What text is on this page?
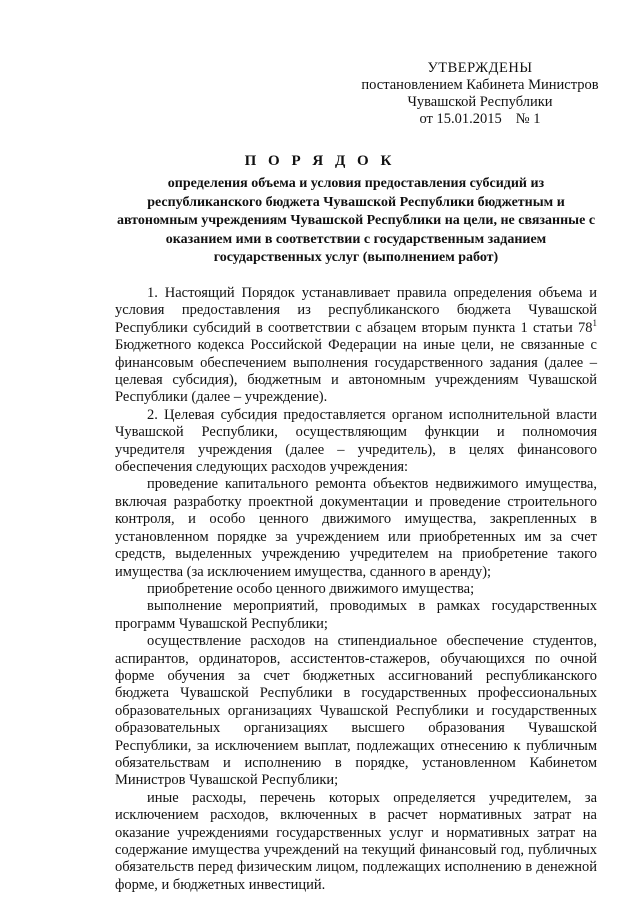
УТВЕРЖДЕНЫ
постановлением Кабинета Министров
Чувашской Республики
от 15.01.2015 № 1
П О Р Я Д О К
определения объема и условия предоставления субсидий из республиканского бюджета Чувашской Республики бюджетным и автономным учреждениям Чувашской Республики на цели, не связанные с оказанием ими в соответствии с государственным заданием государственных услуг (выполнением работ)

1. Настоящий Порядок устанавливает правила определения объема и условия предоставления из республиканского бюджета Чувашской Республики субсидий в соответствии с абзацем вторым пункта 1 статьи $78^1$ Бюджетного кодекса Российской Федерации на иные цели, не связанные с финансовым обеспечением выполнения государственного задания (далее – целевая субсидия), бюджетным и автономным учреждениям Чувашской Республики (далее – учреждение).

2. Целевая субсидия предоставляется органом исполнительной власти Чувашской Республики, осуществляющим функции и полномочия учредителя учреждения (далее – учредитель), в целях финансового обеспечения следующих расходов учреждения:

проведение капитального ремонта объектов недвижимого имущества, включая разработку проектной документации и проведение строительного контроля, и особо ценного движимого имущества, закрепленных в установленном порядке за учреждением или приобретенных им за счет средств, выделенных учреждению учредителем на приобретение такого имущества (за исключением имущества, сданного в аренду);

приобретение особо ценного движимого имущества;

выполнение мероприятий, проводимых в рамках государственных программ Чувашской Республики;

осуществление расходов на стипендиальное обеспечение студентов, аспирантов, ординаторов, ассистентов-стажеров, обучающихся по очной форме обучения за счет бюджетных ассигнований республиканского бюджета Чувашской Республики в государственных профессиональных образовательных организациях Чувашской Республики и государственных образовательных организациях высшего образования Чувашской Республики, за исключением выплат, подлежащих отнесению к публичным обязательствам и исполнению в порядке, установленном Кабинетом Министров Чувашской Республики;

иные расходы, перечень которых определяется учредителем, за исключением расходов, включенных в расчет нормативных затрат на оказание учреждениями государственных услуг и нормативных затрат на содержание имущества учреждений на текущий финансовый год, публичных обязательств перед физическим лицом, подлежащих исполнению в денежной форме, и бюджетных инвестиций.
